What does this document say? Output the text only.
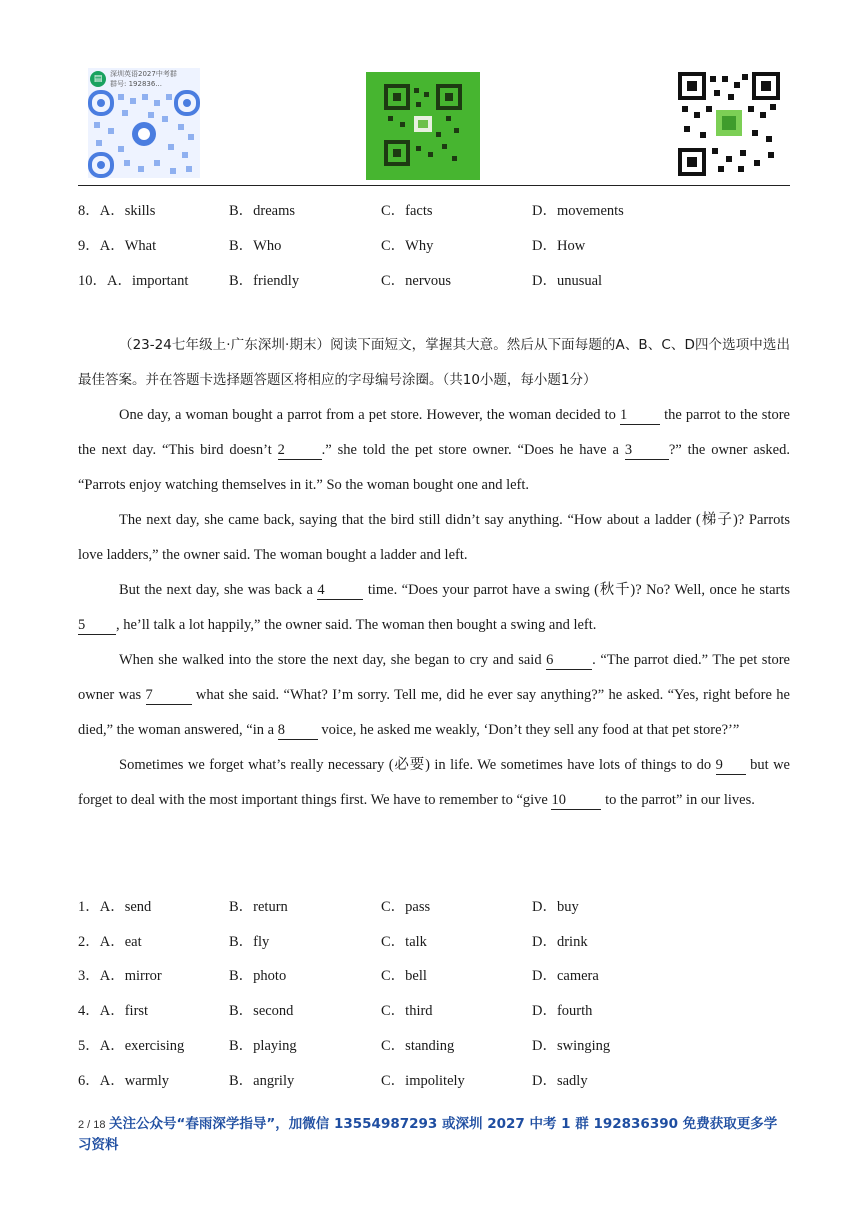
▤	深圳英语2027中考群
群号: 192836...
8．A．skills	B．dreams	C．facts	D．movements
9．A．What	B．Who	C．Why	D．How
10．A．important	B．friendly	C．nervous	D．unusual

（23-24七年级上·广东深圳·期末）阅读下面短文，掌握其大意。然后从下面每题的A、B、C、D四个选项中选出最佳答案。并在答题卡选择题答题区将相应的字母编号涂圈。（共10小题，每小题1分）

One day, a woman bought a parrot from a pet store. However, the woman decided to 1 the parrot to the store the next day. “This bird doesn’t 2	.” she told the pet store owner. “Does he have a 3	?” the owner asked. “Parrots enjoy watching themselves in it.” So the woman bought one and left.

The next day, she came back, saying that the bird still didn’t say anything. “How about a ladder (梯子)? Parrots love ladders,” the owner said. The woman bought a ladder and left.

But the next day, she was back a 4	time. “Does your parrot have a swing (秋千)? No? Well, once he starts 5 , he’ll talk a lot happily,” the owner said. The woman then bought a swing and left.

When she walked into the store the next day, she began to cry and said 6	. “The parrot died.” The pet store owner was 7	what she said. “What? I’m sorry. Tell me, did he ever say anything?” he asked. “Yes, right before he died,” the woman answered, “in a 8 voice, he asked me weakly, ‘Don’t they sell any food at that pet store?’”

Sometimes we forget what’s really necessary (必要) in life. We sometimes have lots of things to do 9 but we forget to deal with the most important things first. We have to remember to “give 10 to the parrot” in our lives.

1．A．send	B．return	C．pass	D．buy
2．A．eat	B．fly	C．talk	D．drink
3．A．mirror	B．photo	C．bell	D．camera
4．A．first	B．second	C．third	D．fourth
5．A．exercising	B．playing	C．standing	D．swinging
6．A．warmly	B．angrily	C．impolitely	D．sadly
2 / 18 关注公众号“春雨深学指导”，加微信 13554987293 或深圳 2027 中考 1 群 192836390 免费获取更多学习资料
